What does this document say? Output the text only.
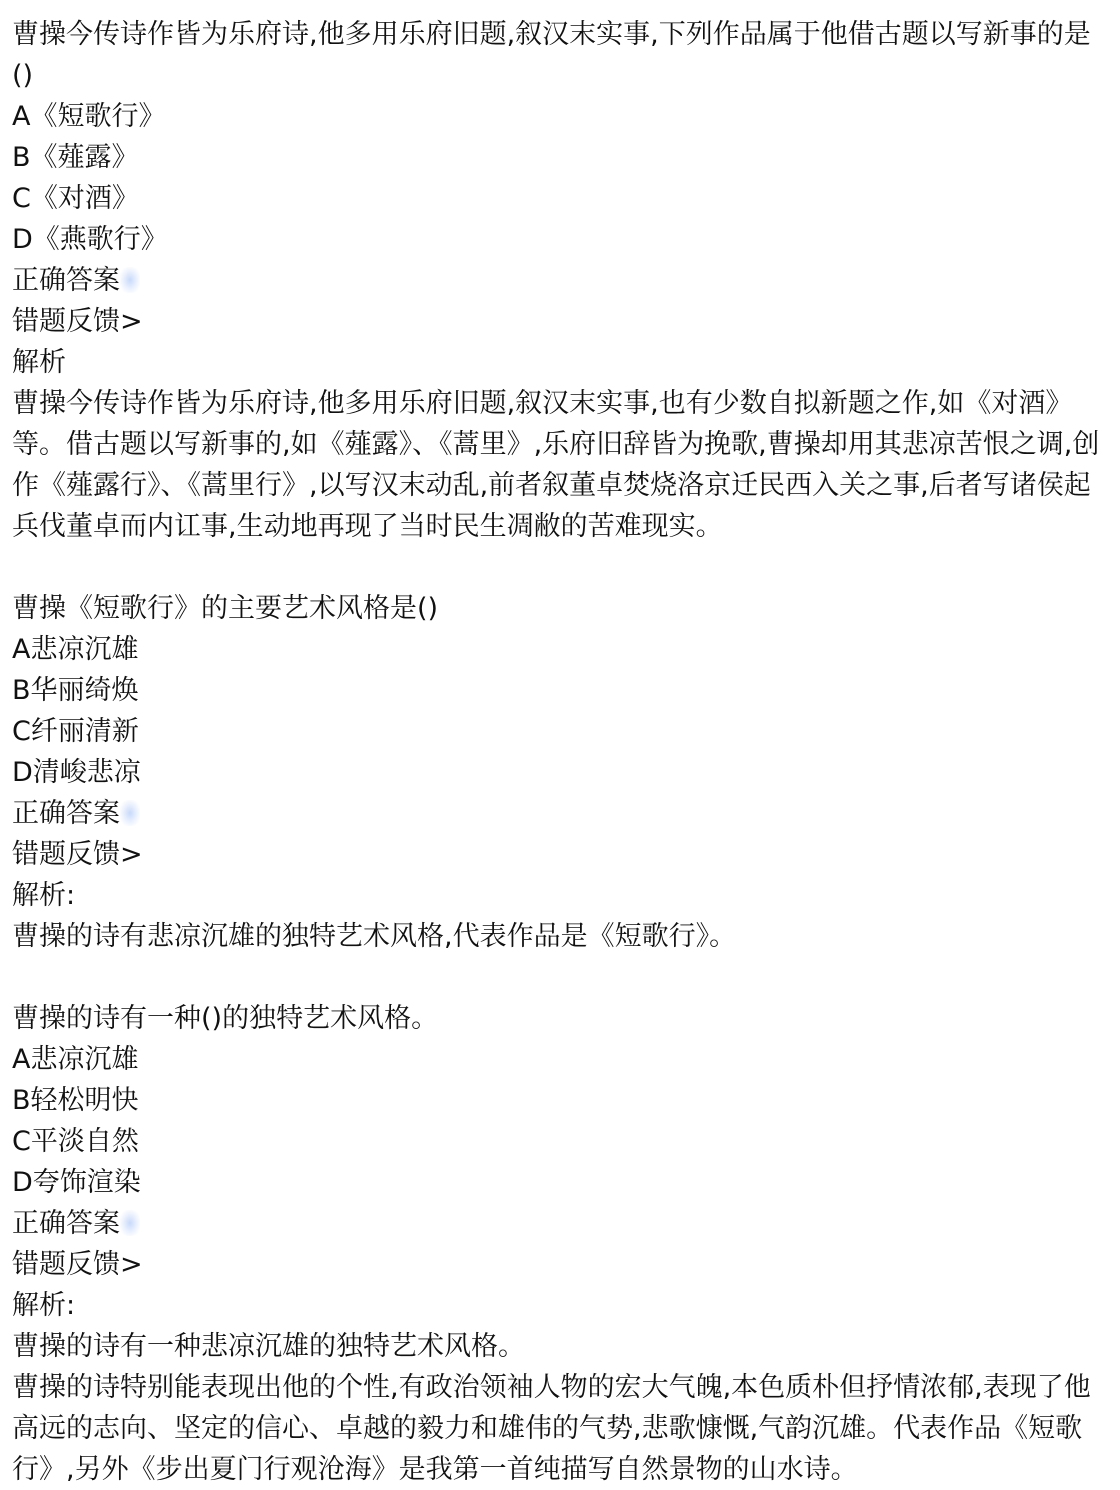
曹操今传诗作皆为乐府诗,他多用乐府旧题,叙汉末实事,下列作品属于他借古题以写新事的是()
A《短歌行》
B《薤露》
C《对酒》
D《燕歌行》
正确答案
错题反馈>
解析
曹操今传诗作皆为乐府诗,他多用乐府旧题,叙汉末实事,也有少数自拟新题之作,如《对酒》等。借古题以写新事的,如《薤露》、《蒿里》,乐府旧辞皆为挽歌,曹操却用其悲凉苦恨之调,创作《薤露行》、《蒿里行》,以写汉末动乱,前者叙董卓焚烧洛京迁民西入关之事,后者写诸侯起兵伐董卓而内讧事,生动地再现了当时民生凋敝的苦难现实。
曹操《短歌行》的主要艺术风格是()
A悲凉沉雄
B华丽绮焕
C纤丽清新
D清峻悲凉
正确答案
错题反馈>
解析:
曹操的诗有悲凉沉雄的独特艺术风格,代表作品是《短歌行》。
曹操的诗有一种()的独特艺术风格。
A悲凉沉雄
B轻松明快
C平淡自然
D夸饰渲染
正确答案
错题反馈>
解析:
曹操的诗有一种悲凉沉雄的独特艺术风格。
曹操的诗特别能表现出他的个性,有政治领袖人物的宏大气魄,本色质朴但抒情浓郁,表现了他高远的志向、坚定的信心、卓越的毅力和雄伟的气势,悲歌慷慨,气韵沉雄。代表作品《短歌行》,另外《步出夏门行观沧海》是我第一首纯描写自然景物的山水诗。
